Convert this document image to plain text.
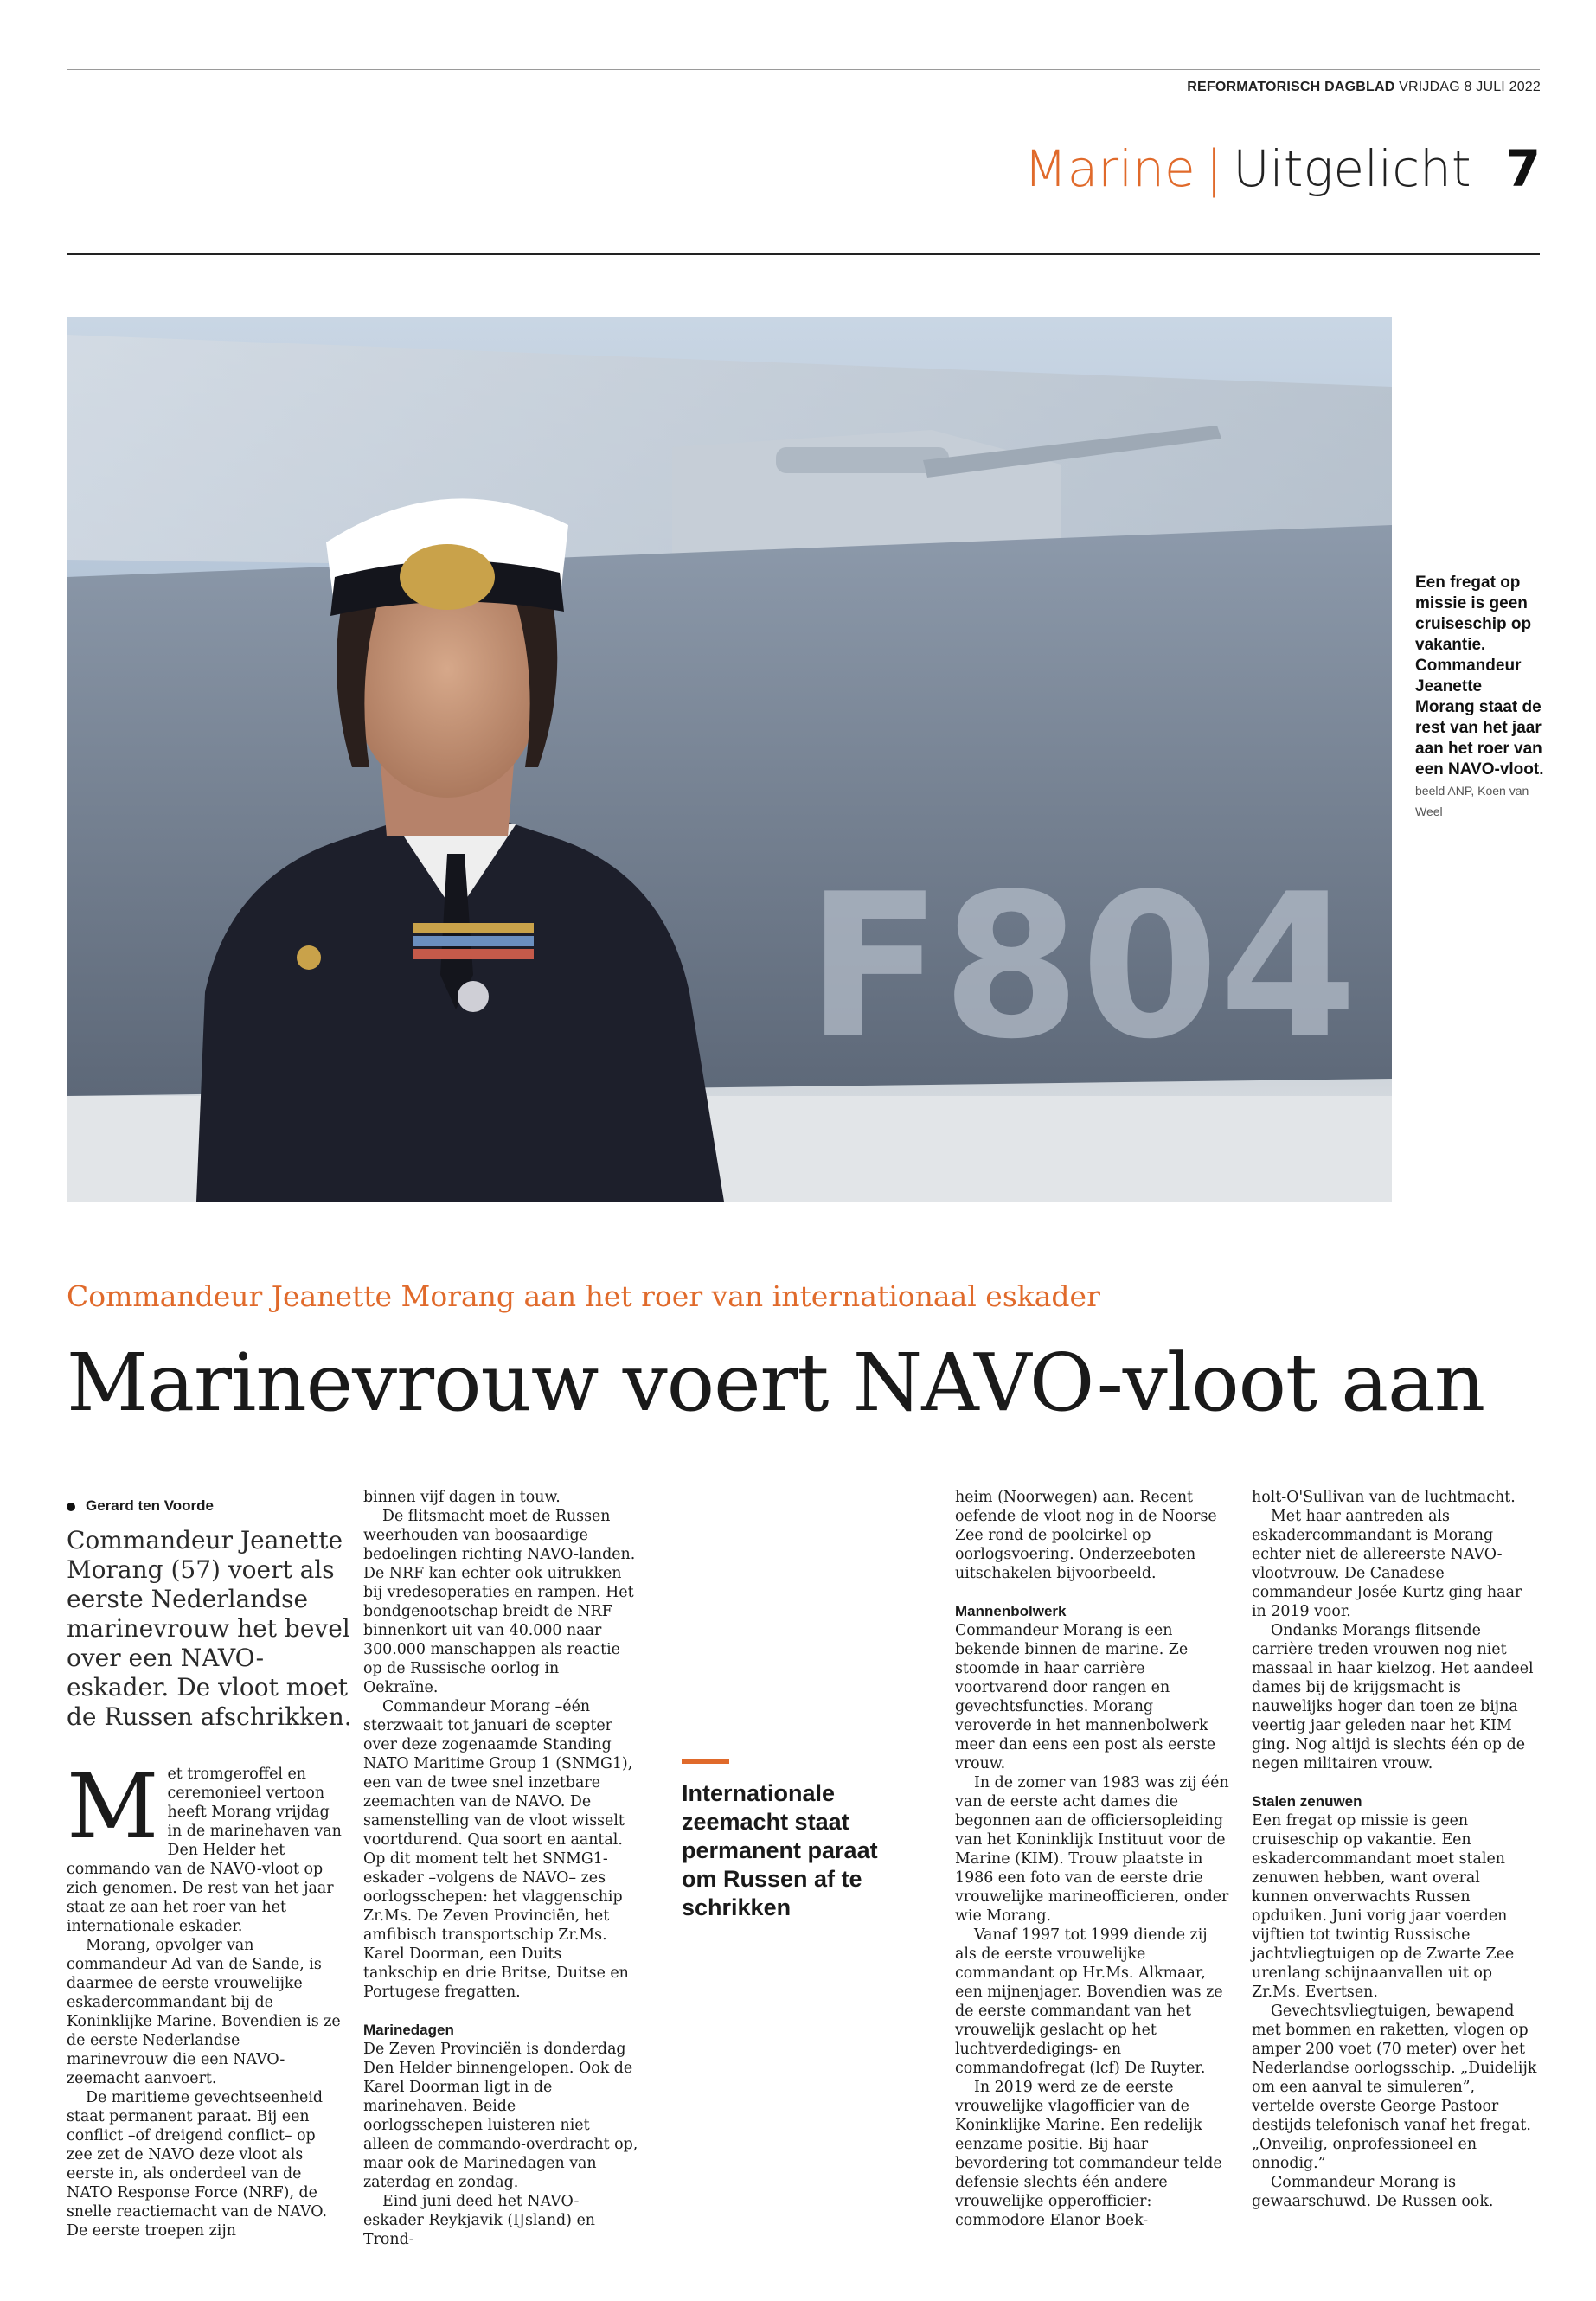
REFORMATORISCH DAGBLAD VRIJDAG 8 JULI 2022
Marine | Uitgelicht 7
F804
Een fregat op missie is geen cruiseschip op vakantie. Commandeur Jeanette Morang staat de rest van het jaar aan het roer van een NAVO-vloot. beeld ANP, Koen van Weel
Commandeur Jeanette Morang aan het roer van internationaal eskader
Marinevrouw voert NAVO-vloot aan
Gerard ten Voorde
Commandeur Jeanette Morang (57) voert als eerste Nederlandse marinevrouw het bevel over een NAVO-eskader. De vloot moet de Russen afschrikken.
M et tromgeroffel en ceremonieel vertoon heeft Morang vrijdag in de marinehaven van Den Helder het commando van de NAVO-vloot op zich genomen. De rest van het jaar staat ze aan het roer van het internationale eskader.

Morang, opvolger van commandeur Ad van de Sande, is daarmee de eerste vrouwelijke eskadercommandant bij de Koninklijke Marine. Bovendien is ze de eerste Nederlandse marinevrouw die een NAVO-zeemacht aanvoert.

De maritieme gevechtseenheid staat permanent paraat. Bij een conflict –of dreigend conflict– op zee zet de NAVO deze vloot als eerste in, als onderdeel van de NATO Response Force (NRF), de snelle reactiemacht van de NAVO. De eerste troepen zijn

binnen vijf dagen in touw.

De flitsmacht moet de Russen weerhouden van boosaardige bedoelingen richting NAVO-landen. De NRF kan echter ook uitrukken bij vredesoperaties en rampen. Het bondgenootschap breidt de NRF binnenkort uit van 40.000 naar 300.000 manschappen als reactie op de Russische oorlog in Oekraïne.

Commandeur Morang –één sterzwaait tot januari de scepter over deze zogenaamde Standing NATO Maritime Group 1 (SNMG1), een van de twee snel inzetbare zeemachten van de NAVO. De samenstelling van de vloot wisselt voortdurend. Qua soort en aantal. Op dit moment telt het SNMG1-eskader –volgens de NAVO– zes oorlogsschepen: het vlaggenschip Zr.Ms. De Zeven Provinciën, het amfibisch transportschip Zr.Ms. Karel Doorman, een Duits tankschip en drie Britse, Duitse en Portugese fregatten.

Marinedagen

De Zeven Provinciën is donderdag Den Helder binnengelopen. Ook de Karel Doorman ligt in de marinehaven. Beide oorlogsschepen luisteren niet alleen de commando-overdracht op, maar ook de Marinedagen van zaterdag en zondag.

Eind juni deed het NAVO-eskader Reykjavik (IJsland) en Trond-

Internationale zeemacht staat permanent paraat om Russen af te schrikken

heim (Noorwegen) aan. Recent oefende de vloot nog in de Noorse Zee rond de poolcirkel op oorlogsvoering. Onderzeeboten uitschakelen bijvoorbeeld.

Mannenbolwerk

Commandeur Morang is een bekende binnen de marine. Ze stoomde in haar carrière voortvarend door rangen en gevechtsfuncties. Morang veroverde in het mannenbolwerk meer dan eens een post als eerste vrouw.

In de zomer van 1983 was zij één van de eerste acht dames die begonnen aan de officiersopleiding van het Koninklijk Instituut voor de Marine (KIM). Trouw plaatste in 1986 een foto van de eerste drie vrouwelijke marineofficieren, onder wie Morang.

Vanaf 1997 tot 1999 diende zij als de eerste vrouwelijke commandant op Hr.Ms. Alkmaar, een mijnenjager. Bovendien was ze de eerste commandant van het vrouwelijk geslacht op het luchtverdedigings- en commandofregat (lcf) De Ruyter.

In 2019 werd ze de eerste vrouwelijke vlagofficier van de Koninklijke Marine. Een redelijk eenzame positie. Bij haar bevordering tot commandeur telde defensie slechts één andere vrouwelijke opperofficier: commodore Elanor Boek-

holt-O'Sullivan van de luchtmacht.

Met haar aantreden als eskadercommandant is Morang echter niet de allereerste NAVO-vlootvrouw. De Canadese commandeur Josée Kurtz ging haar in 2019 voor.

Ondanks Morangs flitsende carrière treden vrouwen nog niet massaal in haar kielzog. Het aandeel dames bij de krijgsmacht is nauwelijks hoger dan toen ze bijna veertig jaar geleden naar het KIM ging. Nog altijd is slechts één op de negen militairen vrouw.

Stalen zenuwen

Een fregat op missie is geen cruiseschip op vakantie. Een eskadercommandant moet stalen zenuwen hebben, want overal kunnen onverwachts Russen opduiken. Juni vorig jaar voerden vijftien tot twintig Russische jachtvliegtuigen op de Zwarte Zee urenlang schijnaanvallen uit op Zr.Ms. Evertsen.

Gevechtsvliegtuigen, bewapend met bommen en raketten, vlogen op amper 200 voet (70 meter) over het Nederlandse oorlogsschip. „Duidelijk om een aanval te simuleren”, vertelde overste George Pastoor destijds telefonisch vanaf het fregat. „Onveilig, onprofessioneel en onnodig.”

Commandeur Morang is gewaarschuwd. De Russen ook.
